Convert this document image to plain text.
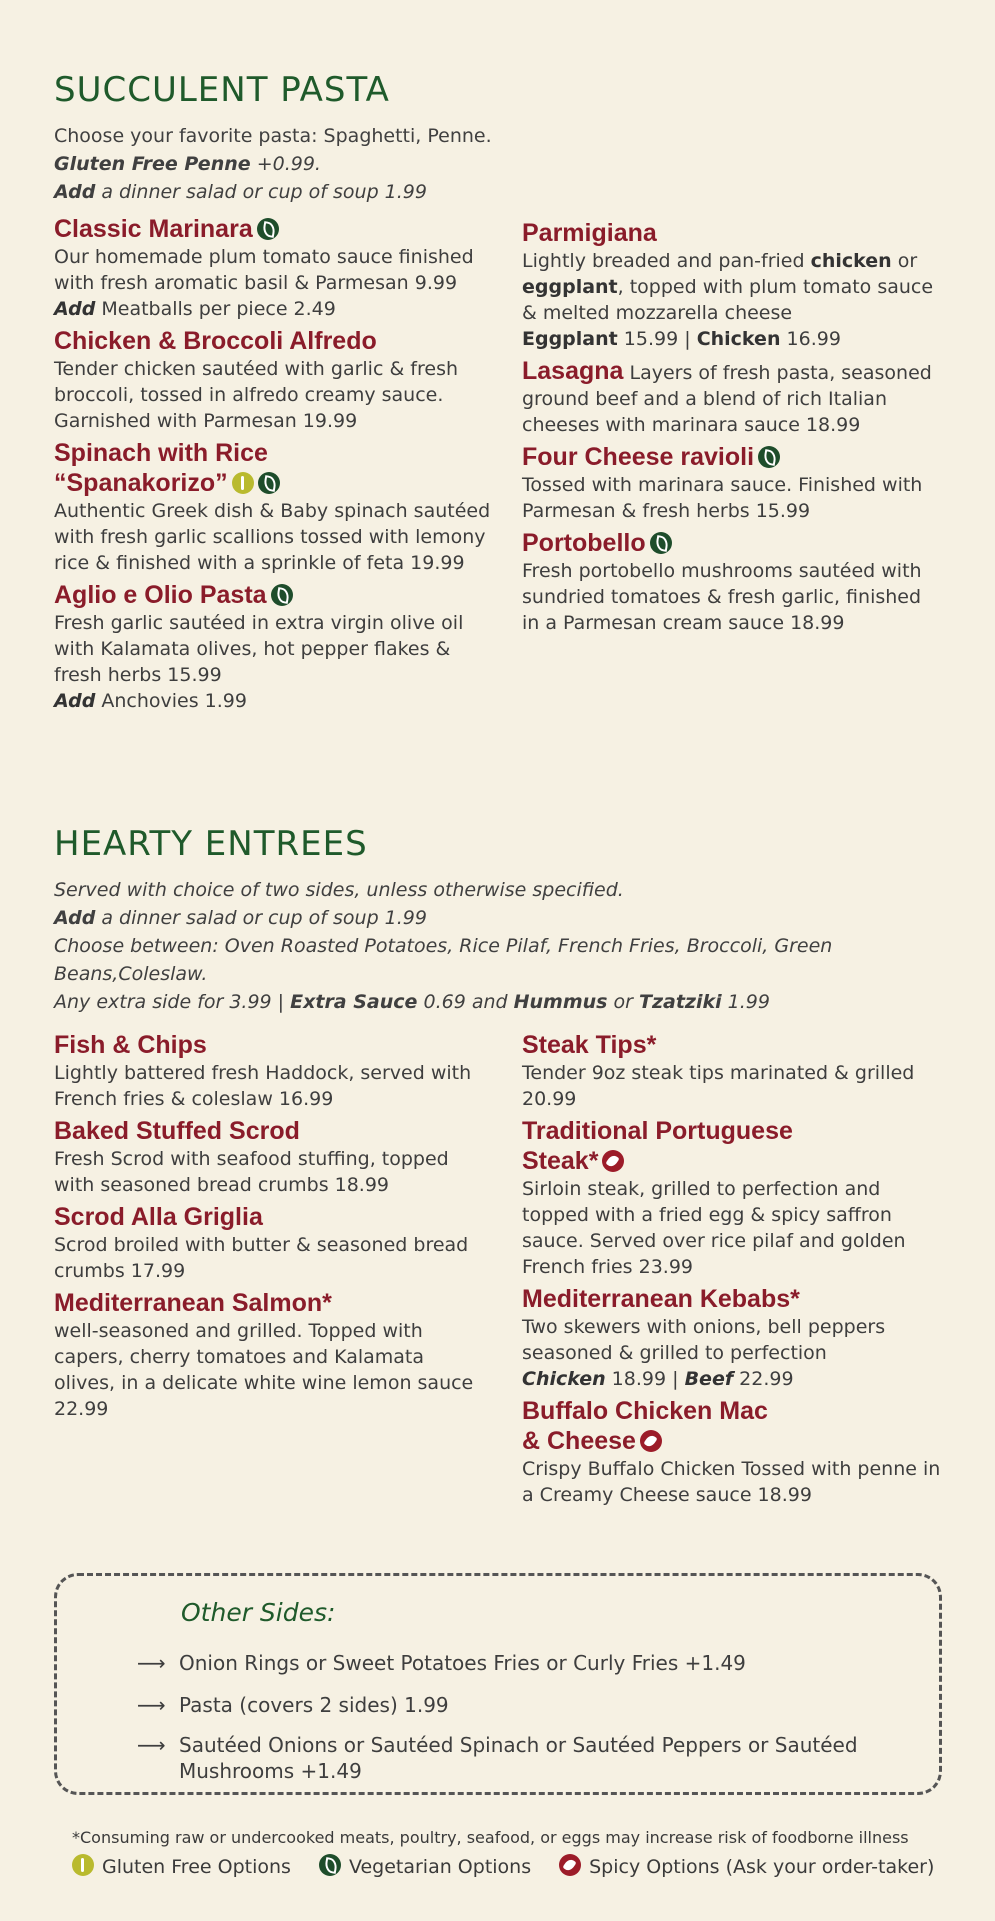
SUCCULENT PASTA
Choose your favorite pasta: Spaghetti, Penne.
Gluten Free Penne +0.99.
Add a dinner salad or cup of soup 1.99
Classic Marinara
Our homemade plum tomato sauce finished with fresh aromatic basil & Parmesan 9.99
Add Meatballs per piece 2.49
Chicken & Broccoli Alfredo
Tender chicken sautéed with garlic & fresh broccoli, tossed in alfredo creamy sauce. Garnished with Parmesan 19.99
Spinach with Rice
“Spanakorizo”
Authentic Greek dish & Baby spinach sautéed with fresh garlic scallions tossed with lemony rice & finished with a sprinkle of feta 19.99
Aglio e Olio Pasta
Fresh garlic sautéed in extra virgin olive oil with Kalamata olives, hot pepper flakes & fresh herbs 15.99
Add Anchovies 1.99
Parmigiana
Lightly breaded and pan-fried chicken or eggplant, topped with plum tomato sauce & melted mozzarella cheese
Eggplant 15.99 | Chicken 16.99
Lasagna Layers of fresh pasta, seasoned ground beef and a blend of rich Italian cheeses with marinara sauce 18.99
Four Cheese ravioli
Tossed with marinara sauce. Finished with Parmesan & fresh herbs 15.99
Portobello
Fresh portobello mushrooms sautéed with sundried tomatoes & fresh garlic, finished in a Parmesan cream sauce 18.99
HEARTY ENTREES
Served with choice of two sides, unless otherwise specified.
Add a dinner salad or cup of soup 1.99
Choose between: Oven Roasted Potatoes, Rice Pilaf, French Fries, Broccoli, Green Beans,Coleslaw.
Any extra side for 3.99 | Extra Sauce 0.69 and Hummus or Tzatziki 1.99
Fish & Chips
Lightly battered fresh Haddock, served with French fries & coleslaw 16.99
Baked Stuffed Scrod
Fresh Scrod with seafood stuffing, topped with seasoned bread crumbs 18.99
Scrod Alla Griglia
Scrod broiled with butter & seasoned bread crumbs 17.99
Mediterranean Salmon*
well-seasoned and grilled. Topped with capers, cherry tomatoes and Kalamata olives, in a delicate white wine lemon sauce 22.99
Steak Tips*
Tender 9oz steak tips marinated & grilled 20.99
Traditional Portuguese
Steak*
Sirloin steak, grilled to perfection and topped with a fried egg & spicy saffron sauce. Served over rice pilaf and golden French fries 23.99
Mediterranean Kebabs*
Two skewers with onions, bell peppers seasoned & grilled to perfection
Chicken 18.99 | Beef 22.99
Buffalo Chicken Mac
& Cheese
Crispy Buffalo Chicken Tossed with penne in a Creamy Cheese sauce 18.99
Other Sides:
⟶ Onion Rings or Sweet Potatoes Fries or Curly Fries +1.49
⟶ Pasta (covers 2 sides) 1.99
⟶ Sautéed Onions or Sautéed Spinach or Sautéed Peppers or Sautéed Mushrooms +1.49
*Consuming raw or undercooked meats, poultry, seafood, or eggs may increase risk of foodborne illness
Gluten Free Options	Vegetarian Options	Spicy Options (Ask your order-taker)
